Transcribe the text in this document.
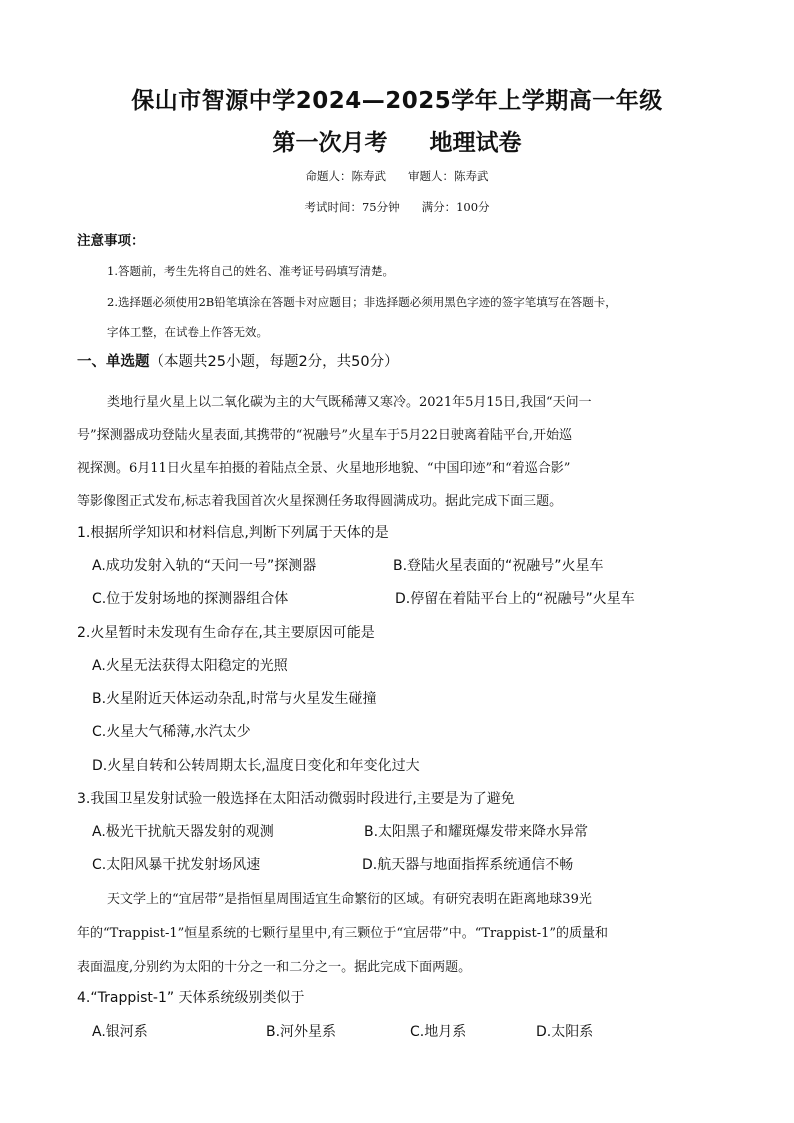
保山市智源中学2024—2025学年上学期高一年级
第一次月考 地理试卷
命题人：陈寿武 审题人：陈寿武
考试时间：75分钟 满分：100分
注意事项：
1.答题前，考生先将自己的姓名、准考证号码填写清楚。
2.选择题必须使用2B铅笔填涂在答题卡对应题目；非选择题必须用黑色字迹的签字笔填写在答题卡，
字体工整，在试卷上作答无效。
一、单选题（本题共25小题，每题2分，共50分）
类地行星火星上以二氧化碳为主的大气既稀薄又寒冷。2021年5月15日,我国“天问一
号”探测器成功登陆火星表面,其携带的“祝融号”火星车于5月22日驶离着陆平台,开始巡
视探测。6月11日火星车拍摄的着陆点全景、火星地形地貌、“中国印迹”和“着巡合影”
等影像图正式发布,标志着我国首次火星探测任务取得圆满成功。据此完成下面三题。
1.根据所学知识和材料信息,判断下列属于天体的是
A.成功发射入轨的“天问一号”探测器	B.登陆火星表面的“祝融号”火星车
C.位于发射场地的探测器组合体	D.停留在着陆平台上的“祝融号”火星车
2.火星暂时未发现有生命存在,其主要原因可能是
A.火星无法获得太阳稳定的光照
B.火星附近天体运动杂乱,时常与火星发生碰撞
C.火星大气稀薄,水汽太少
D.火星自转和公转周期太长,温度日变化和年变化过大
3.我国卫星发射试验一般选择在太阳活动微弱时段进行,主要是为了避免
A.极光干扰航天器发射的观测	B.太阳黑子和耀斑爆发带来降水异常
C.太阳风暴干扰发射场风速	D.航天器与地面指挥系统通信不畅
天文学上的“宜居带”是指恒星周围适宜生命繁衍的区域。有研究表明在距离地球39光
年的“Trappist-1”恒星系统的七颗行星里中,有三颗位于“宜居带”中。“Trappist-1”的质量和
表面温度,分别约为太阳的十分之一和二分之一。据此完成下面两题。
4.“Trappist-1” 天体系统级别类似于
A.银河系	B.河外星系	C.地月系	D.太阳系
